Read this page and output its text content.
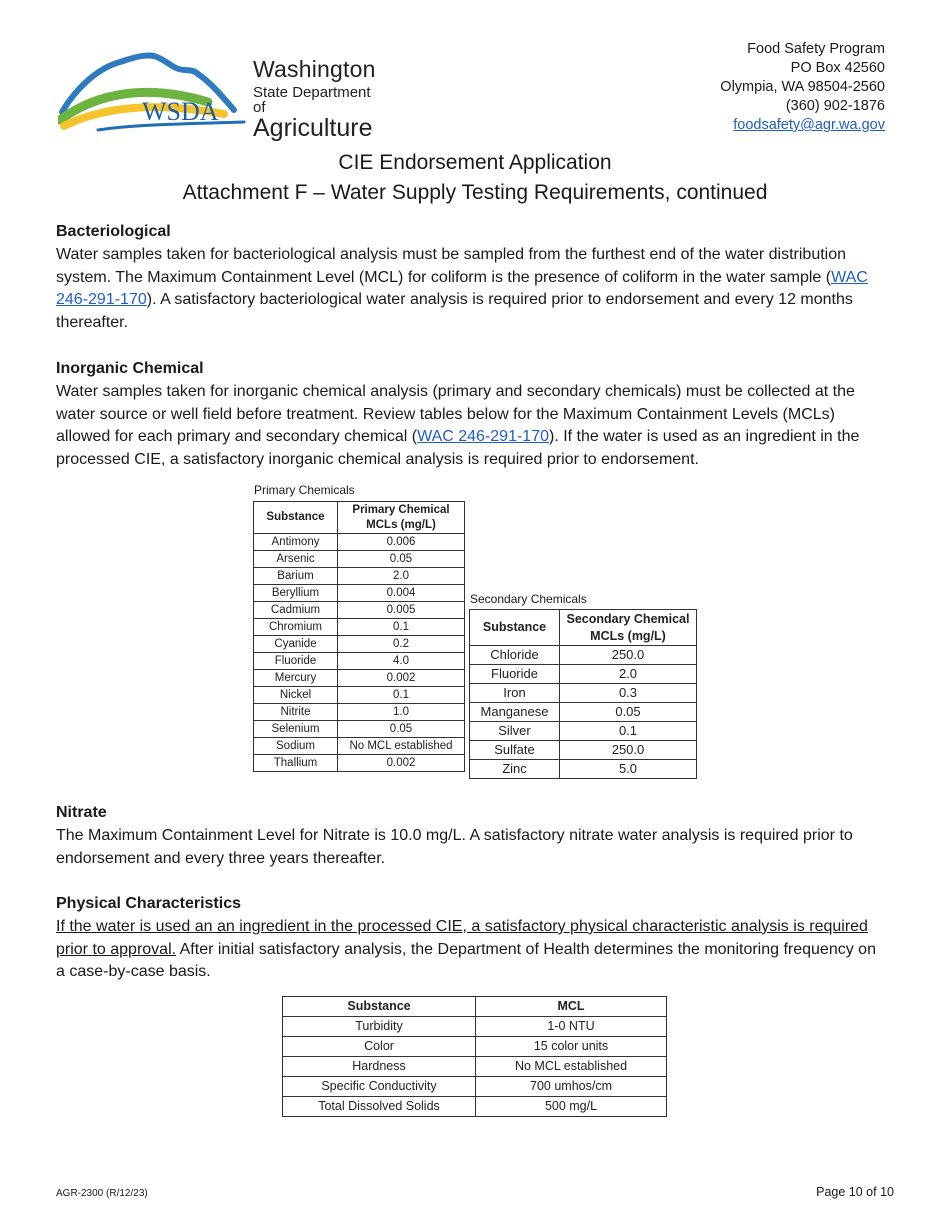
WSDA
Washington
State Department of
Agriculture
Food Safety Program
PO Box 42560
Olympia, WA 98504-2560
(360) 902-1876
foodsafety@agr.wa.gov
CIE Endorsement Application
Attachment F – Water Supply Testing Requirements, continued
Bacteriological

Water samples taken for bacteriological analysis must be sampled from the furthest end of the water distribution system. The Maximum Containment Level (MCL) for coliform is the presence of coliform in the water sample (WAC 246-291-170). A satisfactory bacteriological water analysis is required prior to endorsement and every 12 months thereafter.

Inorganic Chemical

Water samples taken for inorganic chemical analysis (primary and secondary chemicals) must be collected at the water source or well field before treatment. Review tables below for the Maximum Containment Levels (MCLs) allowed for each primary and secondary chemical (WAC 246-291-170). If the water is used as an ingredient in the processed CIE, a satisfactory inorganic chemical analysis is required prior to endorsement.

Primary Chemicals
Substance	Primary Chemical MCLs (mg/L)
Antimony	0.006
Arsenic	0.05
Barium	2.0
Beryllium	0.004
Cadmium	0.005
Chromium	0.1
Cyanide	0.2
Fluoride	4.0
Mercury	0.002
Nickel	0.1
Nitrite	1.0
Selenium	0.05
Sodium	No MCL established
Thallium	0.002
Secondary Chemicals
Substance	Secondary Chemical MCLs (mg/L)
Chloride	250.0
Fluoride	2.0
Iron	0.3
Manganese	0.05
Silver	0.1
Sulfate	250.0
Zinc	5.0
Nitrate

The Maximum Containment Level for Nitrate is 10.0 mg/L. A satisfactory nitrate water analysis is required prior to endorsement and every three years thereafter.

Physical Characteristics

If the water is used an an ingredient in the processed CIE, a satisfactory physical characteristic analysis is required prior to approval. After initial satisfactory analysis, the Department of Health determines the monitoring frequency on a case-by-case basis.

Substance	MCL
Turbidity	1-0 NTU
Color	15 color units
Hardness	No MCL established
Specific Conductivity	700 umhos/cm
Total Dissolved Solids	500 mg/L
AGR-2300 (R/12/23)	Page 10 of 10
